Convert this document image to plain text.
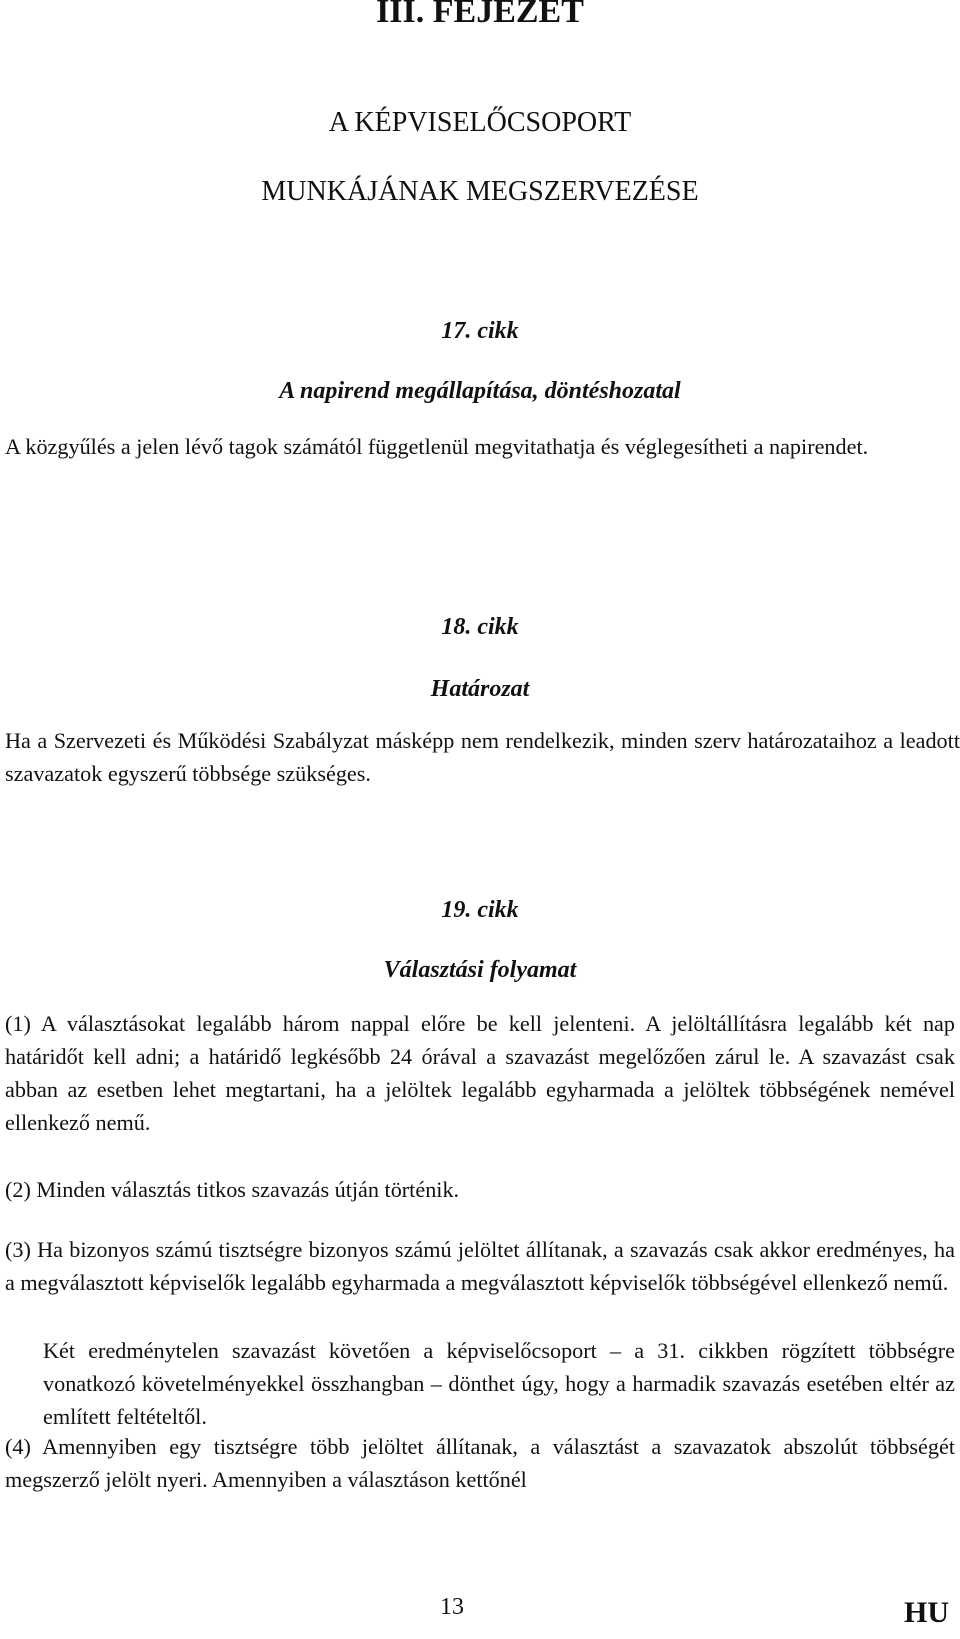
III. FEJEZET
A KÉPVISELŐCSOPORT
MUNKÁJÁNAK MEGSZERVEZÉSE
17. cikk
A napirend megállapítása, döntéshozatal
A közgyűlés a jelen lévő tagok számától függetlenül megvitathatja és véglegesítheti a napirendet.
18. cikk
Határozat
Ha a Szervezeti és Működési Szabályzat másképp nem rendelkezik, minden szerv határozataihoz a leadott szavazatok egyszerű többsége szükséges.
19. cikk
Választási folyamat
(1) A választásokat legalább három nappal előre be kell jelenteni. A jelöltállításra legalább két nap határidőt kell adni; a határidő legkésőbb 24 órával a szavazást megelőzően zárul le. A szavazást csak abban az esetben lehet megtartani, ha a jelöltek legalább egyharmada a jelöltek többségének nemével ellenkező nemű.
(2) Minden választás titkos szavazás útján történik.
(3) Ha bizonyos számú tisztségre bizonyos számú jelöltet állítanak, a szavazás csak akkor eredményes, ha a megválasztott képviselők legalább egyharmada a megválasztott képviselők többségével ellenkező nemű.
Két eredménytelen szavazást követően a képviselőcsoport – a 31. cikkben rögzített többségre vonatkozó követelményekkel összhangban – dönthet úgy, hogy a harmadik szavazás esetében eltér az említett feltételtől.
(4) Amennyiben egy tisztségre több jelöltet állítanak, a választást a szavazatok abszolút többségét megszerző jelölt nyeri. Amennyiben a választáson kettőnél
13	HU
